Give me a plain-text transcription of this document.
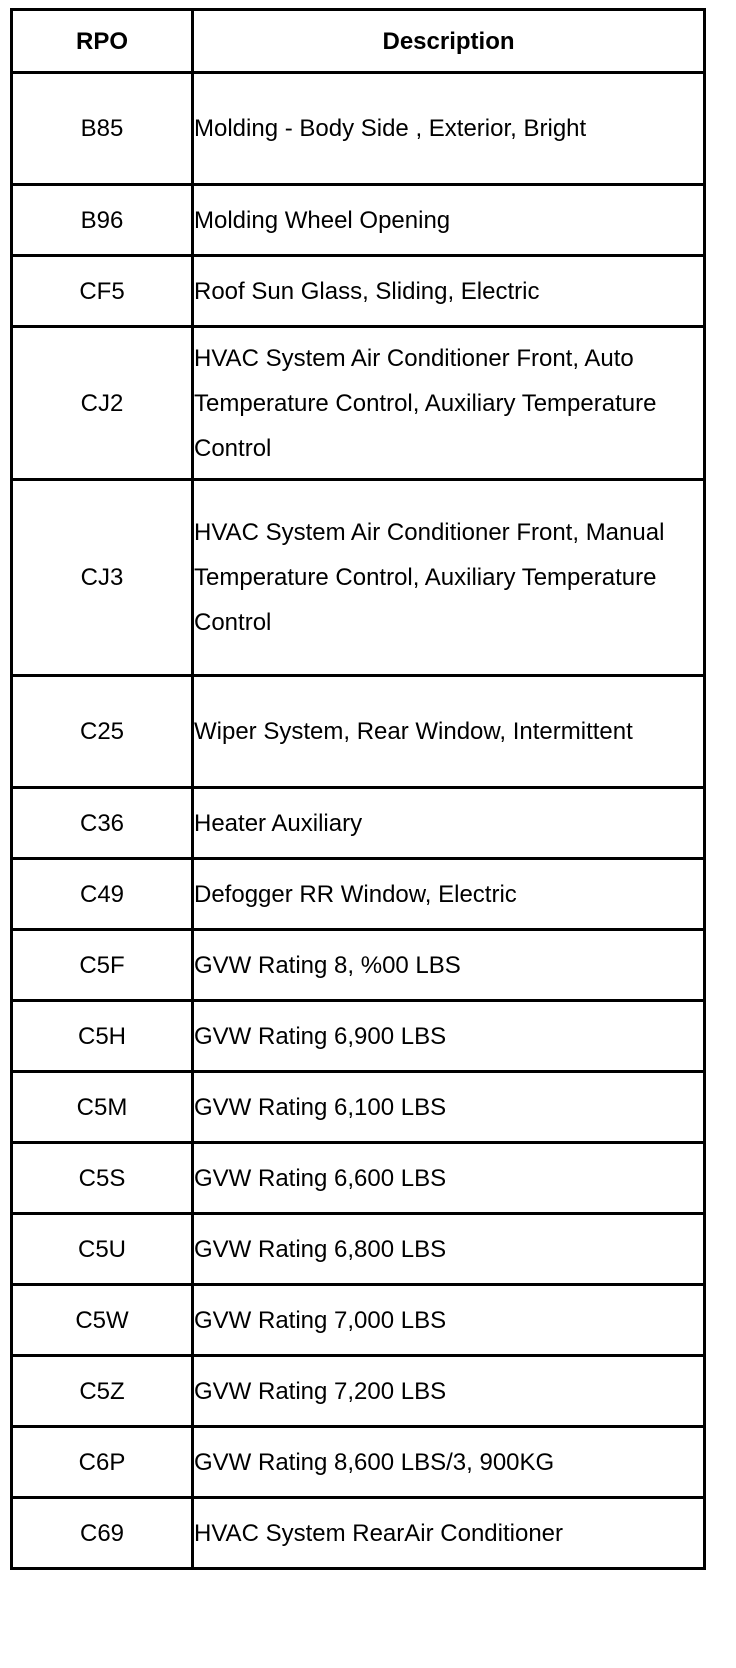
RPO	Description
B85	Molding - Body Side , Exterior, Bright
B96	Molding Wheel Opening
CF5	Roof Sun Glass, Sliding, Electric
CJ2	HVAC System Air Conditioner Front, Auto Temperature Control, Auxiliary Temperature Control
CJ3	HVAC System Air Conditioner Front, Manual Temperature Control, Auxiliary Temperature Control
C25	Wiper System, Rear Window, Intermittent
C36	Heater Auxiliary
C49	Defogger RR Window, Electric
C5F	GVW Rating 8, %00 LBS
C5H	GVW Rating 6,900 LBS
C5M	GVW Rating 6,100 LBS
C5S	GVW Rating 6,600 LBS
C5U	GVW Rating 6,800 LBS
C5W	GVW Rating 7,000 LBS
C5Z	GVW Rating 7,200 LBS
C6P	GVW Rating 8,600 LBS/3, 900KG
C69	HVAC System RearAir Conditioner
